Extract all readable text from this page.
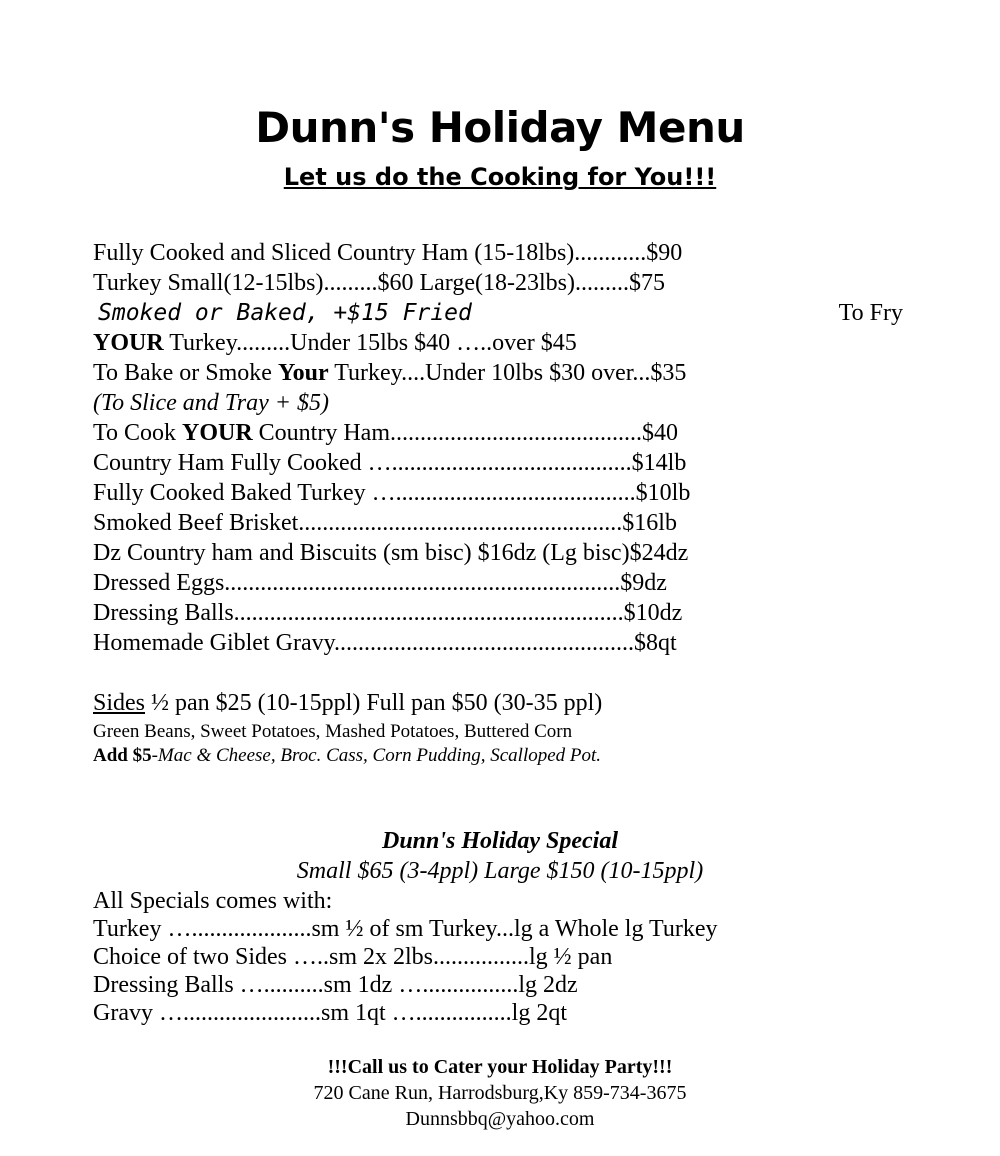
Dunn's Holiday Menu
Let us do the Cooking for You!!!
Fully Cooked and Sliced Country Ham (15-18lbs)............$90
Turkey Small(12-15lbs).........$60 Large(18-23lbs).........$75
Smoked or Baked, +$15 Fried	To Fry
YOUR Turkey.........Under 15lbs $40 …..over $45
To Bake or Smoke Your Turkey....Under 10lbs $30 over...$35
(To Slice and Tray + $5)
To Cook YOUR Country Ham..........................................$40
Country Ham Fully Cooked …........................................$14lb
Fully Cooked Baked Turkey …........................................$10lb
Smoked Beef Brisket......................................................$16lb
Dz Country ham and Biscuits (sm bisc) $16dz (Lg bisc)$24dz
Dressed Eggs..................................................................$9dz
Dressing Balls.................................................................$10dz
Homemade Giblet Gravy..................................................$8qt
Sides ½ pan $25 (10-15ppl) Full pan $50 (30-35 ppl)
Green Beans, Sweet Potatoes, Mashed Potatoes, Buttered Corn
Add $5-Mac & Cheese, Broc. Cass, Corn Pudding, Scalloped Pot.
Dunn's Holiday Special
Small $65 (3-4ppl) Large $150 (10-15ppl)
All Specials comes with:
Turkey …....................sm ½ of sm Turkey...lg a Whole lg Turkey
Choice of two Sides …..sm 2x 2lbs................lg ½ pan
Dressing Balls …..........sm 1dz …................lg 2dz
Gravy ….......................sm 1qt …................lg 2qt
!!!Call us to Cater your Holiday Party!!!
720 Cane Run, Harrodsburg,Ky 859-734-3675
Dunnsbbq@yahoo.com
